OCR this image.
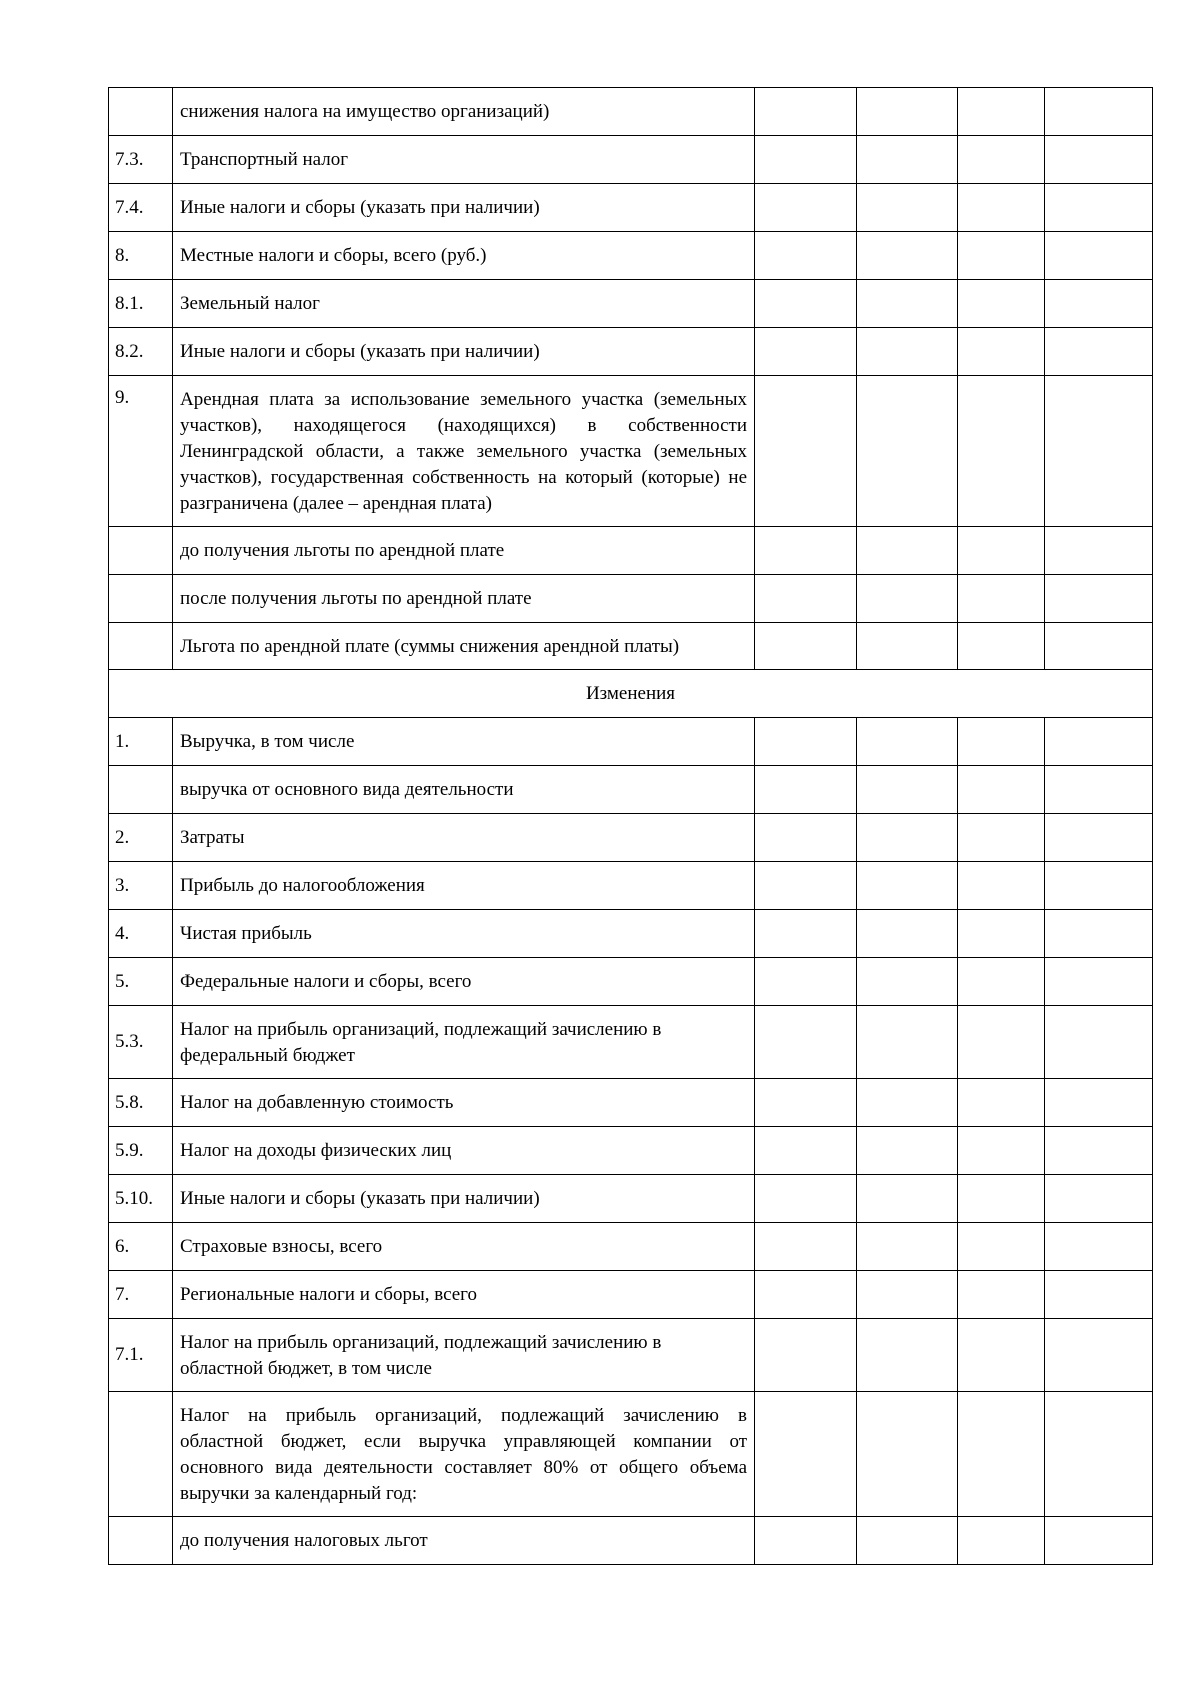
	снижения налога на имущество организаций)				
7.3.	Транспортный налог				
7.4.	Иные налоги и сборы (указать при наличии)				
8.	Местные налоги и сборы, всего (руб.)				
8.1.	Земельный налог				
8.2.	Иные налоги и сборы (указать при наличии)				
9.	Арендная плата за использование земельного участка (земельных участков), находящегося (находящихся) в собственности Ленинградской области, а также земельного участка (земельных участков), государственная собственность на который (которые) не разграничена (далее – арендная плата)				
	до получения льготы по арендной плате				
	после получения льготы по арендной плате				
	Льгота по арендной плате (суммы снижения арендной платы)				
Изменения					
1.	Выручка, в том числе				
	выручка от основного вида деятельности				
2.	Затраты				
3.	Прибыль до налогообложения				
4.	Чистая прибыль				
5.	Федеральные налоги и сборы, всего				
5.3.	Налог на прибыль организаций, подлежащий зачислению в федеральный бюджет				
5.8.	Налог на добавленную стоимость				
5.9.	Налог на доходы физических лиц				
5.10.	Иные налоги и сборы (указать при наличии)				
6.	Страховые взносы, всего				
7.	Региональные налоги и сборы, всего				
7.1.	Налог на прибыль организаций, подлежащий зачислению в областной бюджет, в том числе				
	Налог на прибыль организаций, подлежащий зачислению в областной бюджет, если выручка управляющей компании от основного вида деятельности составляет 80% от общего объема выручки за календарный год:				
	до получения налоговых льгот				
